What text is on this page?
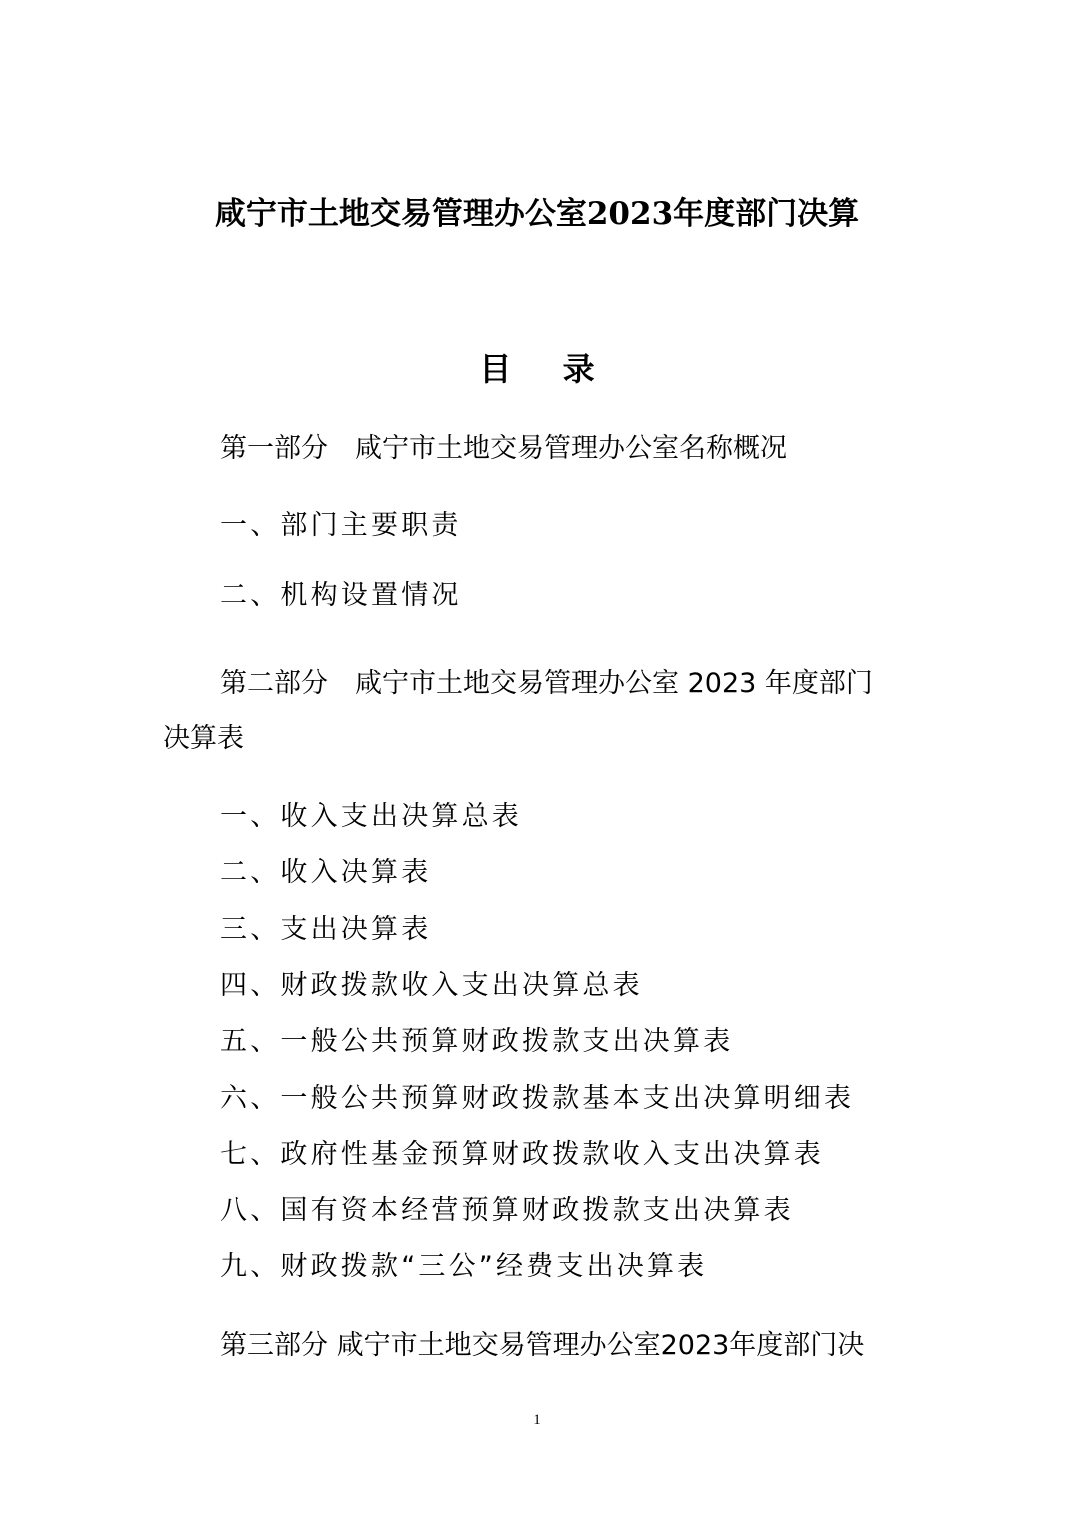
咸宁市土地交易管理办公室2023年度部门决算
目 录
第一部分　咸宁市土地交易管理办公室名称概况
一、部门主要职责
二、机构设置情况
第二部分　咸宁市土地交易管理办公室 2023 年度部门
决算表
一、收入支出决算总表
二、收入决算表
三、支出决算表
四、财政拨款收入支出决算总表
五、一般公共预算财政拨款支出决算表
六、一般公共预算财政拨款基本支出决算明细表
七、政府性基金预算财政拨款收入支出决算表
八、国有资本经营预算财政拨款支出决算表
九、财政拨款“三公”经费支出决算表
第三部分 咸宁市土地交易管理办公室2023年度部门决
1
